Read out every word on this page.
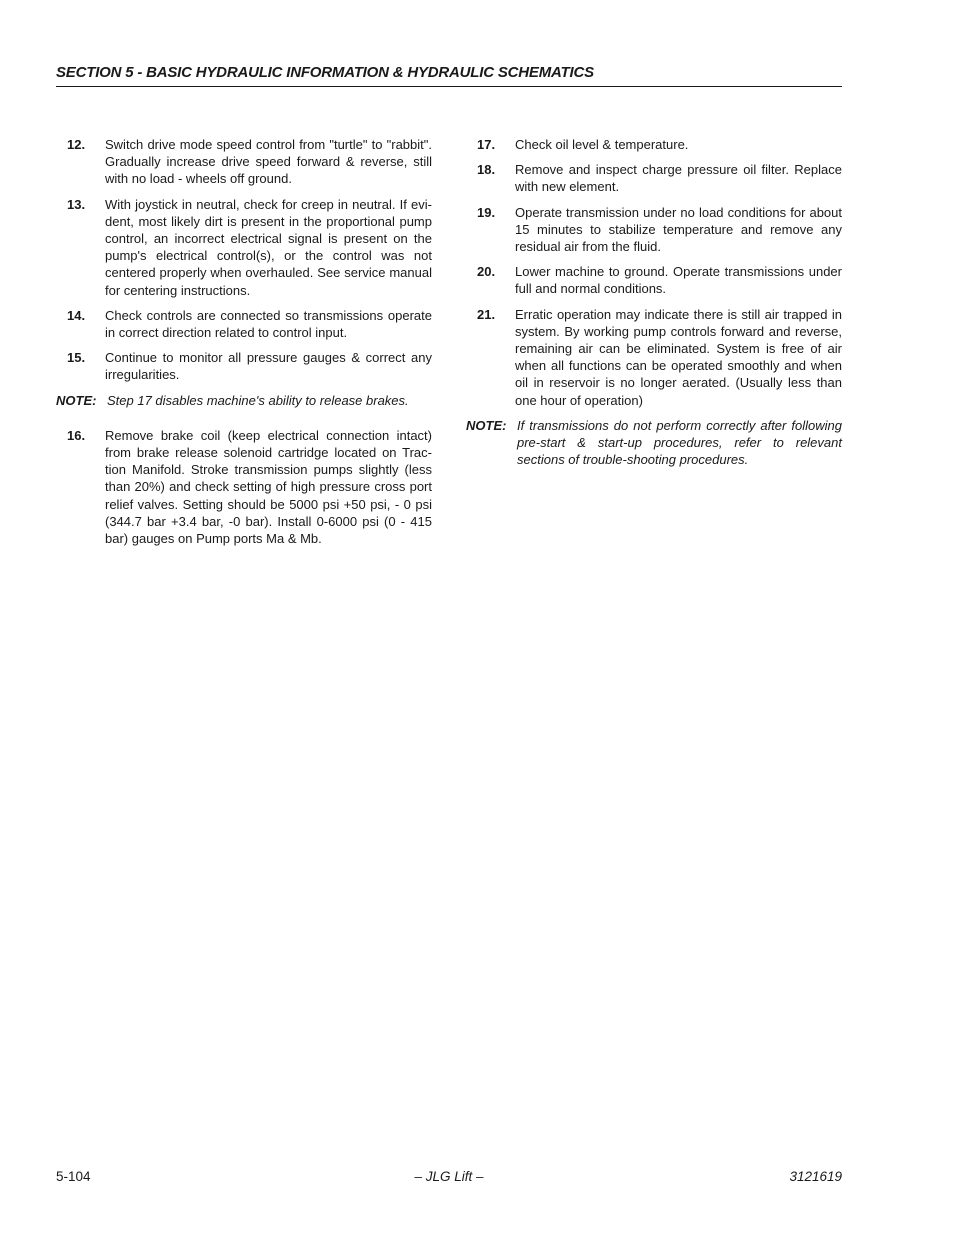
SECTION 5 - BASIC HYDRAULIC INFORMATION & HYDRAULIC SCHEMATICS
12.	Switch drive mode speed control from "turtle" to "rabbit". Gradually increase drive speed forward & reverse, still with no load - wheels off ground.
13.	With joystick in neutral, check for creep in neutral. If evident, most likely dirt is present in the proportional pump control, an incorrect electrical signal is present on the pump's electrical control(s), or the control was not centered properly when overhauled. See service manual for centering instructions.
14.	Check controls are connected so transmissions operate in correct direction related to control input.
15.	Continue to monitor all pressure gauges & correct any irregularities.
NOTE: Step 17 disables machine's ability to release brakes.
16.	Remove brake coil (keep electrical connection intact) from brake release solenoid cartridge located on Traction Manifold. Stroke transmission pumps slightly (less than 20%) and check setting of high pressure cross port relief valves. Setting should be 5000 psi +50 psi, - 0 psi (344.7 bar +3.4 bar, -0 bar). Install 0-6000 psi (0 - 415 bar) gauges on Pump ports Ma & Mb.
17.	Check oil level & temperature.
18.	Remove and inspect charge pressure oil filter. Replace with new element.
19.	Operate transmission under no load conditions for about 15 minutes to stabilize temperature and remove any residual air from the fluid.
20.	Lower machine to ground. Operate transmissions under full and normal conditions.
21.	Erratic operation may indicate there is still air trapped in system. By working pump controls forward and reverse, remaining air can be eliminated. System is free of air when all functions can be operated smoothly and when oil in reservoir is no longer aerated. (Usually less than one hour of operation)
NOTE: If transmissions do not perform correctly after following pre-start & start-up procedures, refer to relevant sections of trouble-shooting procedures.
5-104	– JLG Lift –	3121619
